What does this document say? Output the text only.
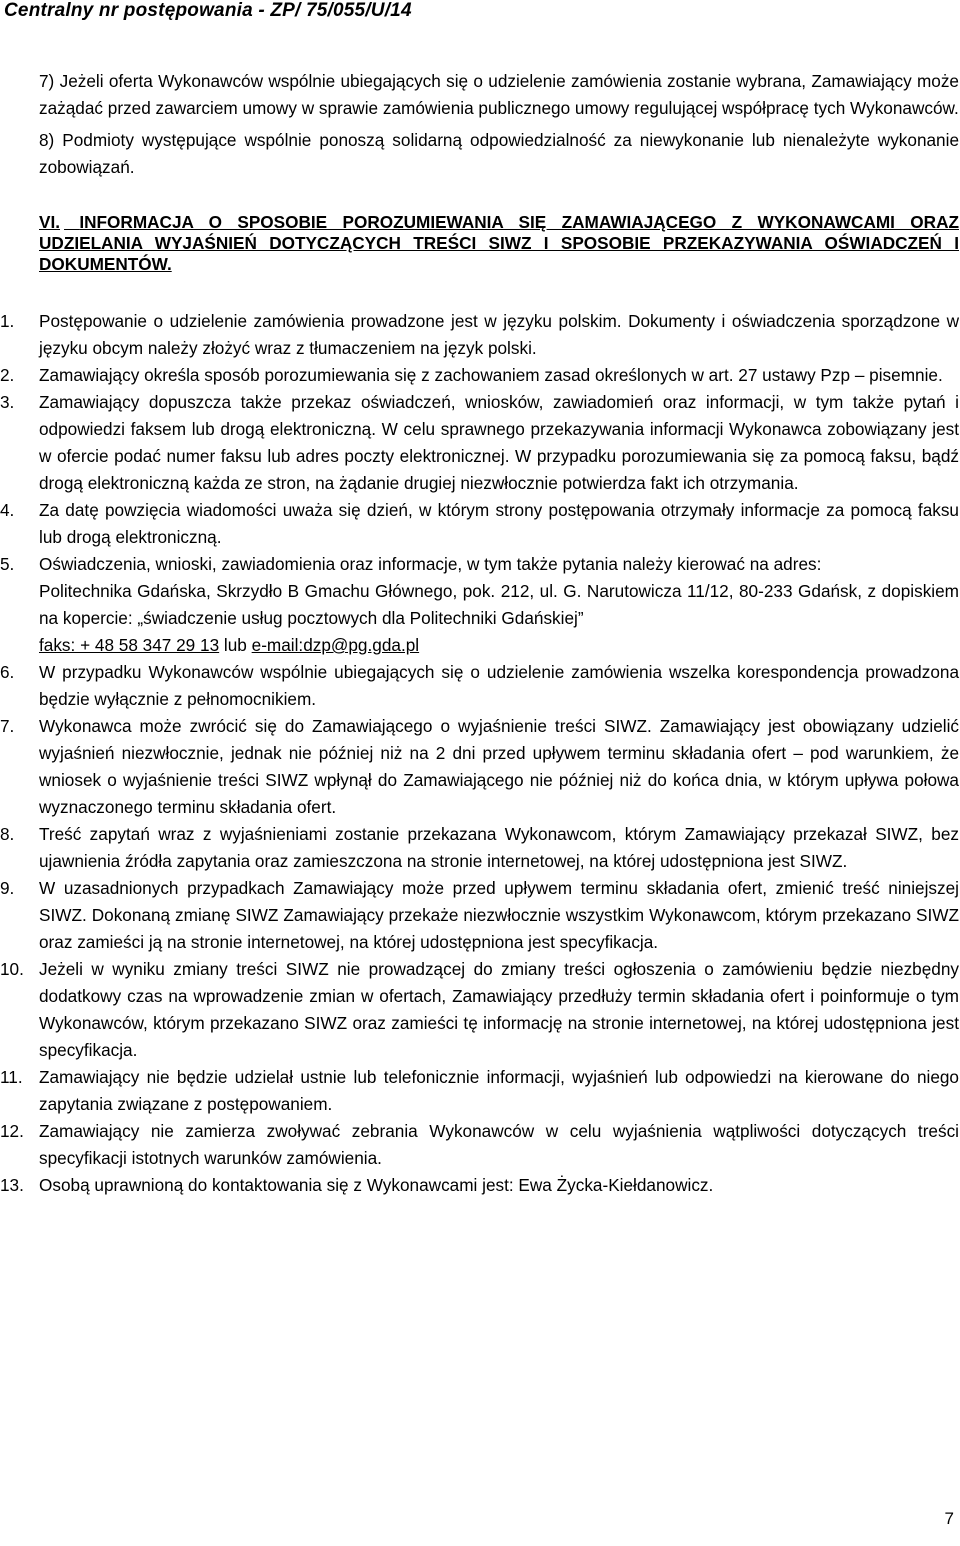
Centralny nr postępowania - ZP/ 75/055/U/14
7) Jeżeli oferta Wykonawców wspólnie ubiegających się o udzielenie zamówienia zostanie wybrana, Zamawiający może zażądać przed zawarciem umowy w sprawie zamówienia publicznego umowy regulującej współpracę tych Wykonawców.
8) Podmioty występujące wspólnie ponoszą solidarną odpowiedzialność za niewykonanie lub nienależyte wykonanie zobowiązań.
VI. INFORMACJA O SPOSOBIE POROZUMIEWANIA SIĘ ZAMAWIAJĄCEGO Z WYKONAWCAMI ORAZ UDZIELANIA WYJAŚNIEŃ DOTYCZĄCYCH TREŚCI SIWZ I SPOSOBIE PRZEKAZYWANIA OŚWIADCZEŃ I DOKUMENTÓW.
1. Postępowanie o udzielenie zamówienia prowadzone jest w języku polskim. Dokumenty i oświadczenia sporządzone w języku obcym należy złożyć wraz z tłumaczeniem na język polski.
2. Zamawiający określa sposób porozumiewania się z zachowaniem zasad określonych w art. 27 ustawy Pzp – pisemnie.
3. Zamawiający dopuszcza także przekaz oświadczeń, wniosków, zawiadomień oraz informacji, w tym także pytań i odpowiedzi faksem lub drogą elektroniczną. W celu sprawnego przekazywania informacji Wykonawca zobowiązany jest w ofercie podać numer faksu lub adres poczty elektronicznej. W przypadku porozumiewania się za pomocą faksu, bądź drogą elektroniczną każda ze stron, na żądanie drugiej niezwłocznie potwierdza fakt ich otrzymania.
4. Za datę powzięcia wiadomości uważa się dzień, w którym strony postępowania otrzymały informacje za pomocą faksu lub drogą elektroniczną.
5. Oświadczenia, wnioski, zawiadomienia oraz informacje, w tym także pytania należy kierować na adres:
Politechnika Gdańska, Skrzydło B Gmachu Głównego, pok. 212, ul. G. Narutowicza 11/12, 80-233 Gdańsk, z dopiskiem na kopercie: „świadczenie usług pocztowych dla Politechniki Gdańskiej”
faks: + 48 58 347 29 13 lub e-mail:dzp@pg.gda.pl
6. W przypadku Wykonawców wspólnie ubiegających się o udzielenie zamówienia wszelka korespondencja prowadzona będzie wyłącznie z pełnomocnikiem.
7. Wykonawca może zwrócić się do Zamawiającego o wyjaśnienie treści SIWZ. Zamawiający jest obowiązany udzielić wyjaśnień niezwłocznie, jednak nie później niż na 2 dni przed upływem terminu składania ofert – pod warunkiem, że wniosek o wyjaśnienie treści SIWZ wpłynął do Zamawiającego nie później niż do końca dnia, w którym upływa połowa wyznaczonego terminu składania ofert.
8. Treść zapytań wraz z wyjaśnieniami zostanie przekazana Wykonawcom, którym Zamawiający przekazał SIWZ, bez ujawnienia źródła zapytania oraz zamieszczona na stronie internetowej, na której udostępniona jest SIWZ.
9. W uzasadnionych przypadkach Zamawiający może przed upływem terminu składania ofert, zmienić treść niniejszej SIWZ. Dokonaną zmianę SIWZ Zamawiający przekaże niezwłocznie wszystkim Wykonawcom, którym przekazano SIWZ oraz zamieści ją na stronie internetowej, na której udostępniona jest specyfikacja.
10. Jeżeli w wyniku zmiany treści SIWZ nie prowadzącej do zmiany treści ogłoszenia o zamówieniu będzie niezbędny dodatkowy czas na wprowadzenie zmian w ofertach, Zamawiający przedłuży termin składania ofert i poinformuje o tym Wykonawców, którym przekazano SIWZ oraz zamieści tę informację na stronie internetowej, na której udostępniona jest specyfikacja.
11. Zamawiający nie będzie udzielał ustnie lub telefonicznie informacji, wyjaśnień lub odpowiedzi na kierowane do niego zapytania związane z postępowaniem.
12. Zamawiający nie zamierza zwoływać zebrania Wykonawców w celu wyjaśnienia wątpliwości dotyczących treści specyfikacji istotnych warunków zamówienia.
13. Osobą uprawnioną do kontaktowania się z Wykonawcami jest: Ewa Życka-Kiełdanowicz.
7
